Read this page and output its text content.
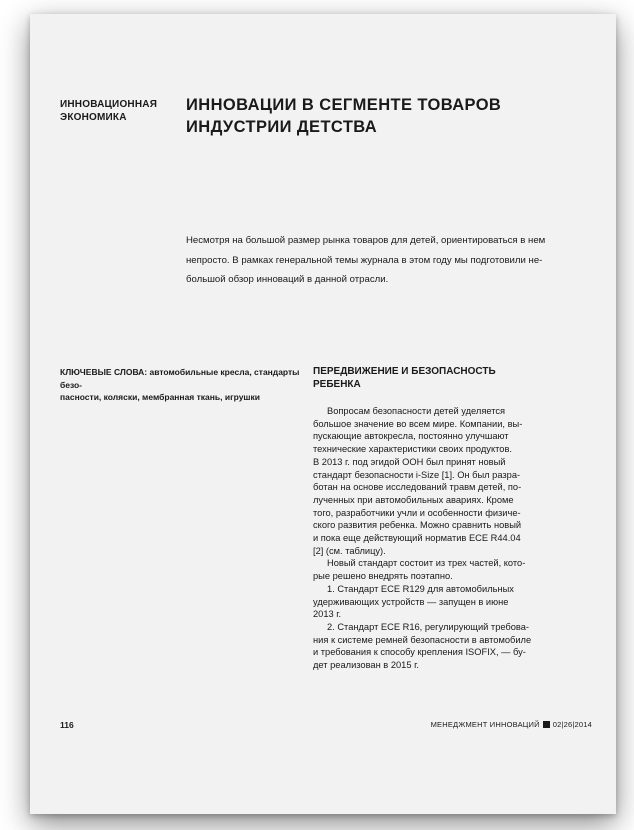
ИННОВАЦИОННАЯ
ЭКОНОМИКА
ИННОВАЦИИ В СЕГМЕНТЕ ТОВАРОВ
ИНДУСТРИИ ДЕТСТВА
Несмотря на большой размер рынка товаров для детей, ориентироваться в нем
непросто. В рамках генеральной темы журнала в этом году мы подготовили не-
большой обзор инноваций в данной отрасли.
КЛЮЧЕВЫЕ СЛОВА: автомобильные кресла, стандарты безо-
пасности, коляски, мембранная ткань, игрушки
ПЕРЕДВИЖЕНИЕ И БЕЗОПАСНОСТЬ
РЕБЕНКА

Вопросам безопасности детей уделяется

большое значение во всем мире. Компании, вы-

пускающие автокресла, постоянно улучшают

технические характеристики своих продуктов.

В 2013 г. под эгидой ООН был принят новый

стандарт безопасности i-Size [1]. Он был разра-

ботан на основе исследований травм детей, по-

лученных при автомобильных авариях. Кроме

того, разработчики учли и особенности физиче-

ского развития ребенка. Можно сравнить новый

и пока еще действующий норматив ECE R44.04

[2] (см. таблицу).

Новый стандарт состоит из трех частей, кото-

рые решено внедрять поэтапно.

1. Стандарт ECE R129 для автомобильных

удерживающих устройств — запущен в июне

2013 г.

2. Стандарт ECE R16, регулирующий требова-

ния к системе ремней безопасности в автомобиле

и требования к способу крепления ISOFIX, — бу-

дет реализован в 2015 г.

116	МЕНЕДЖМЕНТ ИННОВАЦИЙ 02|26|2014
